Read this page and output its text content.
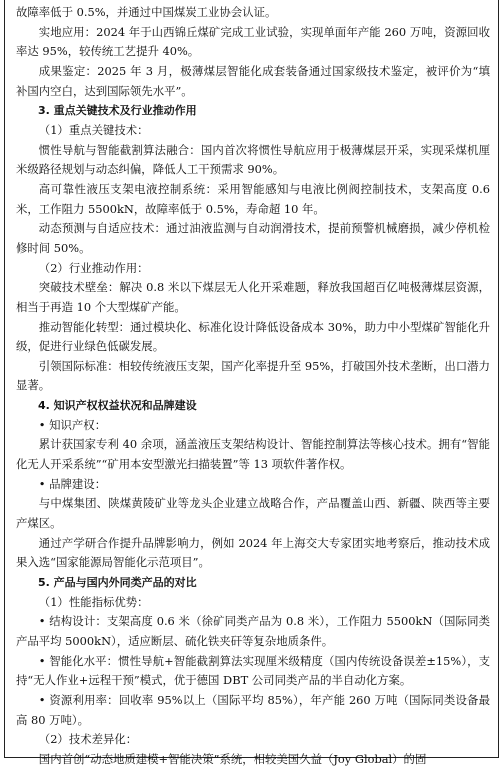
故障率低于 0.5%，并通过中国煤炭工业协会认证。

实地应用：2024 年于山西锦丘煤矿完成工业试验，实现单面年产能 260 万吨，资源回收率达 95%，较传统工艺提升 40%。

成果鉴定：2025 年 3 月，极薄煤层智能化成套装备通过国家级技术鉴定，被评价为“填补国内空白，达到国际领先水平”。

3. 重点关键技术及行业推动作用

（1）重点关键技术：

惯性导航与智能截割算法融合：国内首次将惯性导航应用于极薄煤层开采，实现采煤机厘米级路径规划与动态纠偏，降低人工干预需求 90%。

高可靠性液压支架电液控制系统：采用智能感知与电液比例阀控制技术，支架高度 0.6 米，工作阻力 5500kN，故障率低于 0.5%，寿命超 10 年。

动态预测与自适应技术：通过油液监测与自动润滑技术，提前预警机械磨损，减少停机检修时间 50%。

（2）行业推动作用：

突破技术壁垒：解决 0.8 米以下煤层无人化开采难题，释放我国超百亿吨极薄煤层资源，相当于再造 10 个大型煤矿产能。

推动智能化转型：通过模块化、标准化设计降低设备成本 30%，助力中小型煤矿智能化升级，促进行业绿色低碳发展。

引领国际标准：相较传统液压支架，国产化率提升至 95%，打破国外技术垄断，出口潜力显著。

4. 知识产权权益状况和品牌建设

• 知识产权：

累计获国家专利 40 余项，涵盖液压支架结构设计、智能控制算法等核心技术。拥有“智能化无人开采系统”“矿用本安型激光扫描装置”等 13 项软件著作权。

• 品牌建设：

与中煤集团、陕煤黄陵矿业等龙头企业建立战略合作，产品覆盖山西、新疆、陕西等主要产煤区。

通过产学研合作提升品牌影响力，例如 2024 年上海交大专家团实地考察后，推动技术成果入选“国家能源局智能化示范项目”。

5. 产品与国内外同类产品的对比

（1）性能指标优势：

• 结构设计：支架高度 0.6 米（徐矿同类产品为 0.8 米），工作阻力 5500kN（国际同类产品平均 5000kN），适应断层、硫化铁夹矸等复杂地质条件。

• 智能化水平：惯性导航+智能截割算法实现厘米级精度（国内传统设备误差±15%），支持“无人作业+远程干预”模式，优于德国 DBT 公司同类产品的半自动化方案。

• 资源利用率：回收率 95%以上（国际平均 85%），年产能 260 万吨（国际同类设备最高 80 万吨）。

（2）技术差异化：

国内首创“动态地质建模+智能决策”系统，相较美国久益（Joy Global）的固
